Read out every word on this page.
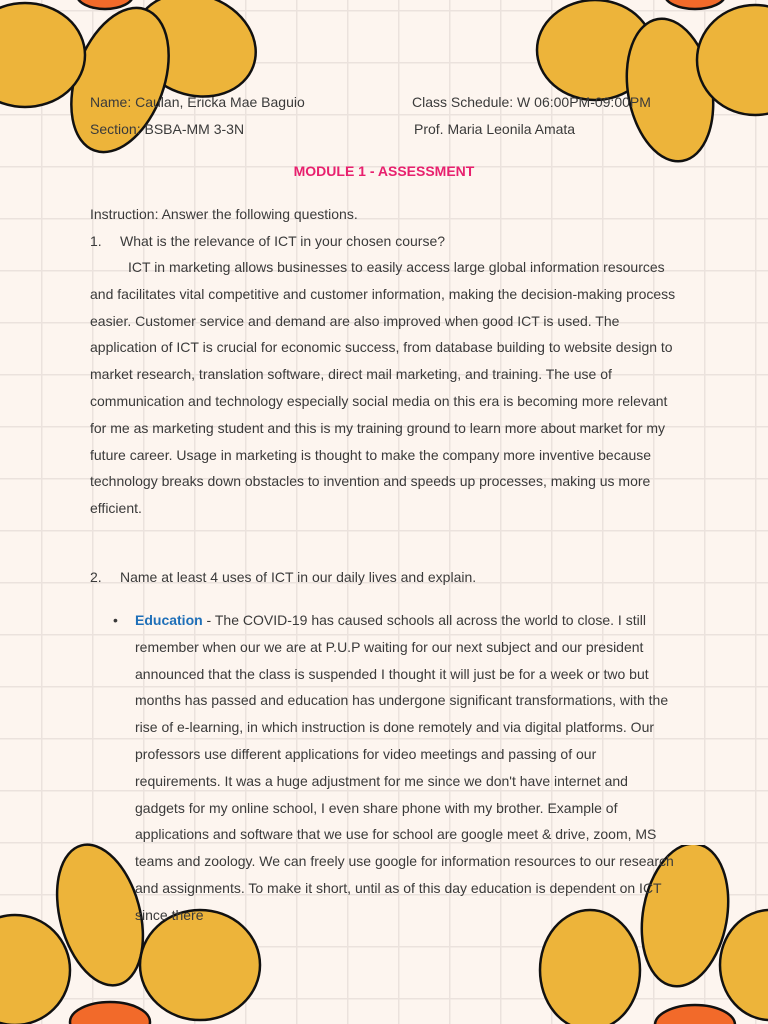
Name: Caulan, Ericka Mae Baguio
Section: BSBA-MM 3-3N
Class Schedule: W 06:00PM-09:00PM
Prof. Maria Leonila Amata
MODULE 1 - ASSESSMENT
Instruction: Answer the following questions.
1. What is the relevance of ICT in your chosen course?

ICT in marketing allows businesses to easily access large global information resources and facilitates vital competitive and customer information, making the decision-making process easier. Customer service and demand are also improved when good ICT is used. The application of ICT is crucial for economic success, from database building to website design to market research, translation software, direct mail marketing, and training. The use of communication and technology especially social media on this era is becoming more relevant for me as marketing student and this is my training ground to learn more about market for my future career. Usage in marketing is thought to make the company more inventive because technology breaks down obstacles to invention and speeds up processes, making us more efficient.

2. Name at least 4 uses of ICT in our daily lives and explain.
• Education - The COVID-19 has caused schools all across the world to close. I still remember when our we are at P.U.P waiting for our next subject and our president announced that the class is suspended I thought it will just be for a week or two but months has passed and education has undergone significant transformations, with the rise of e-learning, in which instruction is done remotely and via digital platforms. Our professors use different applications for video meetings and passing of our requirements. It was a huge adjustment for me since we don't have internet and gadgets for my online school, I even share phone with my brother. Example of applications and software that we use for school are google meet & drive, zoom, MS teams and zoology. We can freely use google for information resources to our research and assignments. To make it short, until as of this day education is dependent on ICT since there
